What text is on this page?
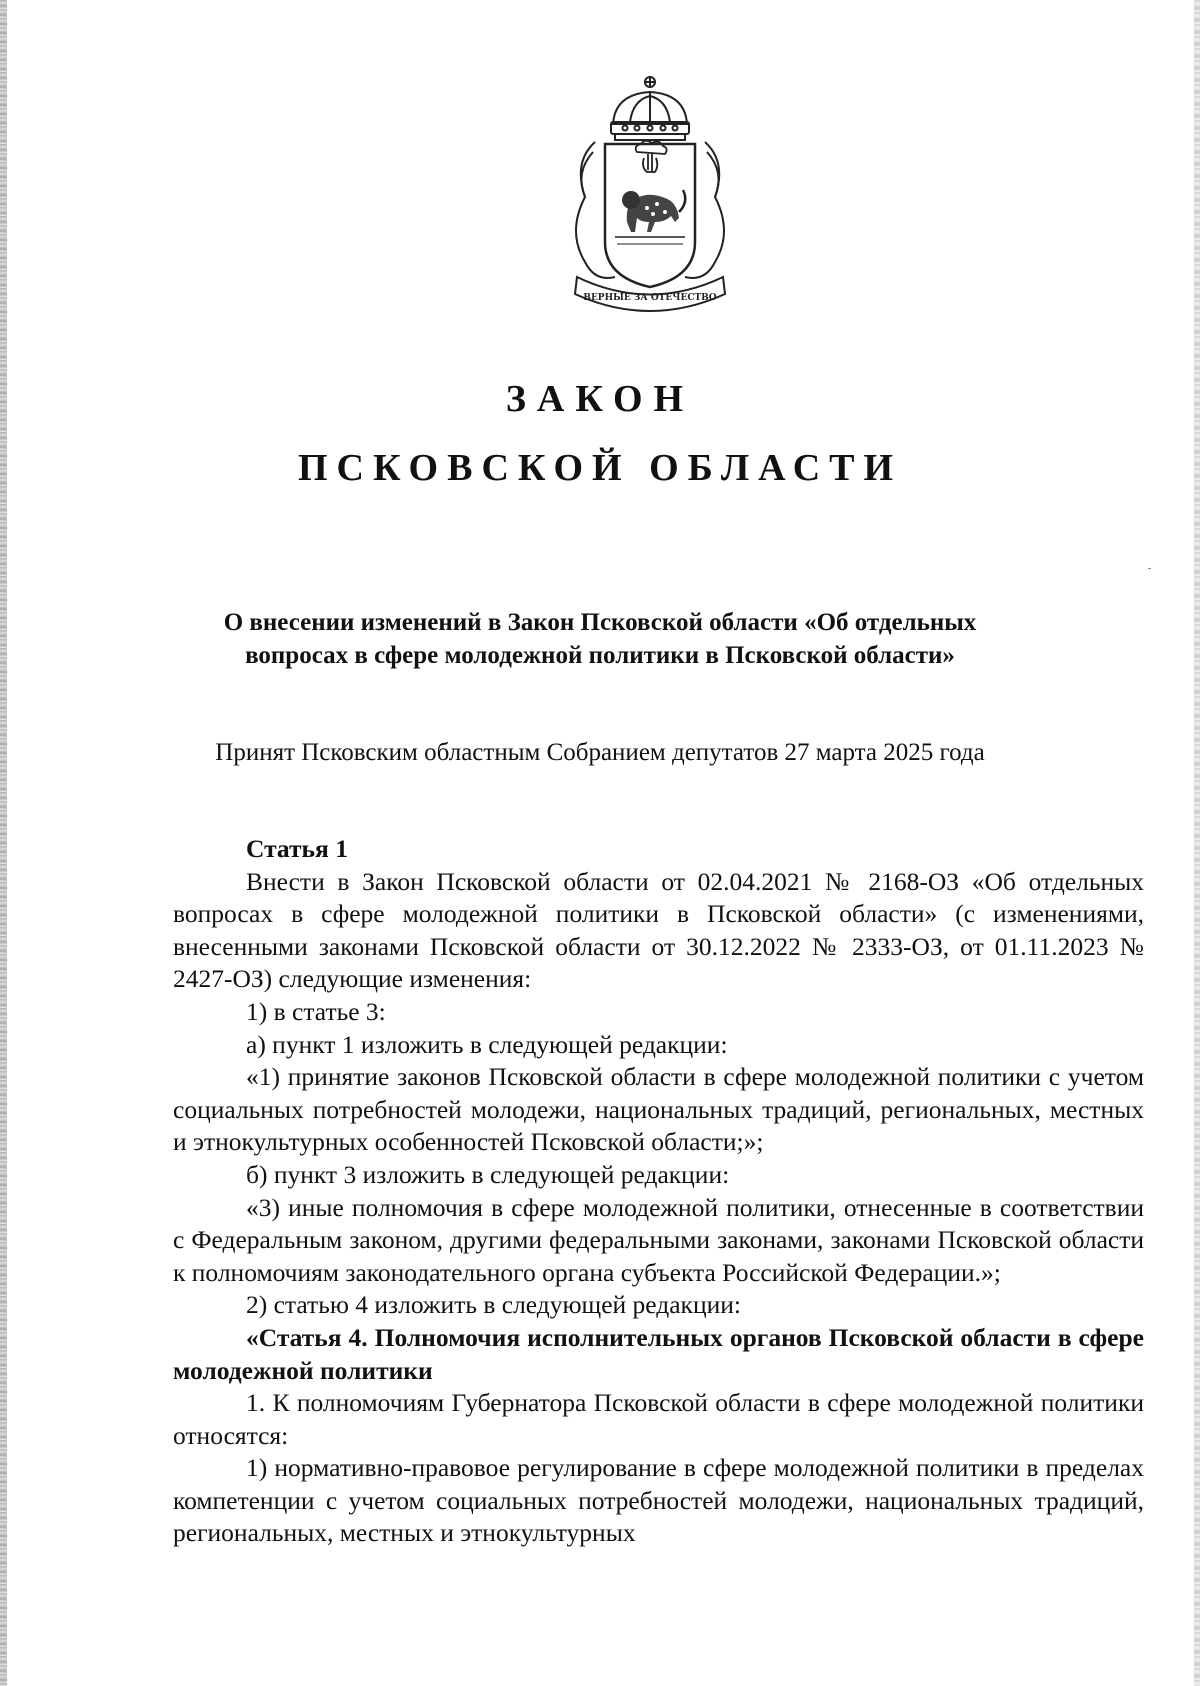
ВЕРНЫЕ ЗА ОТЕЧЕСТВО
ЗАКОН
ПСКОВСКОЙ ОБЛАСТИ
О внесении изменений в Закон Псковской области «Об отдельных вопросах в сфере молодежной политики в Псковской области»
Принят Псковским областным Собранием депутатов 27 марта 2025 года

Статья 1

Внести в Закон Псковской области от 02.04.2021 № 2168-ОЗ «Об отдельных вопросах в сфере молодежной политики в Псковской области» (с изменениями, внесенными законами Псковской области от 30.12.2022 № 2333-ОЗ, от 01.11.2023 № 2427-ОЗ) следующие изменения:

1) в статье 3:

а) пункт 1 изложить в следующей редакции:

«1) принятие законов Псковской области в сфере молодежной политики с учетом социальных потребностей молодежи, национальных традиций, региональных, местных и этнокультурных особенностей Псковской области;»;

б) пункт 3 изложить в следующей редакции:

«3) иные полномочия в сфере молодежной политики, отнесенные в соответствии с Федеральным законом, другими федеральными законами, законами Псковской области к полномочиям законодательного органа субъекта Российской Федерации.»;

2) статью 4 изложить в следующей редакции:

«Статья 4. Полномочия исполнительных органов Псковской области в сфере молодежной политики

1. К полномочиям Губернатора Псковской области в сфере молодежной политики относятся:

1) нормативно-правовое регулирование в сфере молодежной политики в пределах компетенции с учетом социальных потребностей молодежи, национальных традиций, региональных, местных и этнокультурных
